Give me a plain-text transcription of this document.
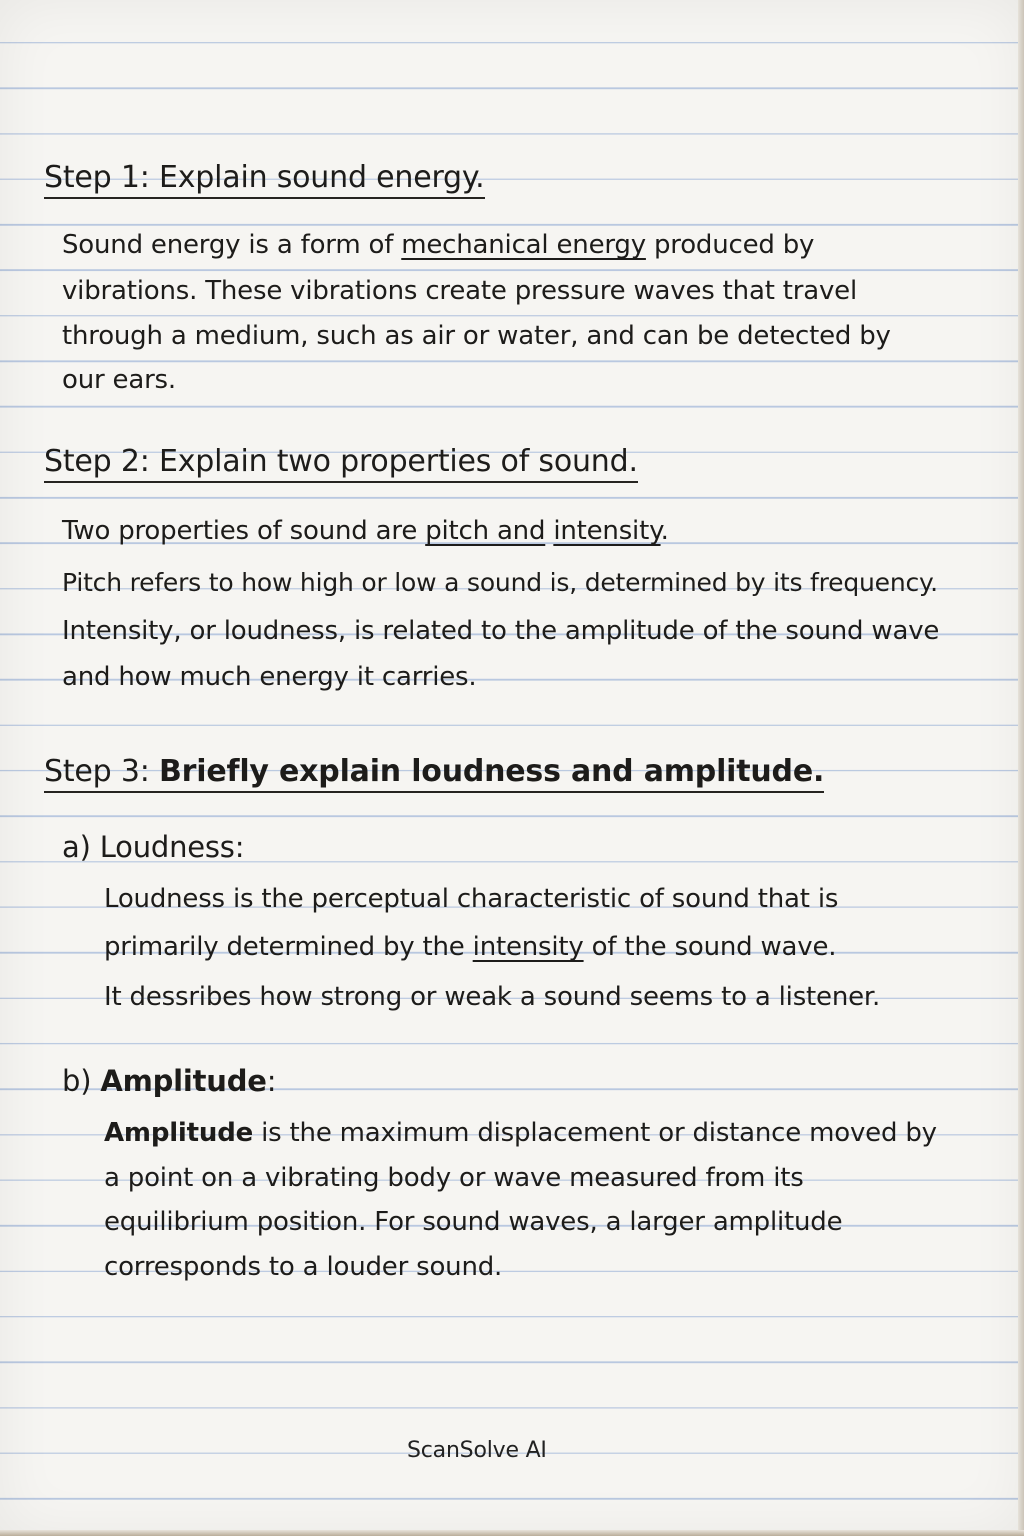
Step 1: Explain sound energy.
Sound energy is a form of mechanical energy produced by
vibrations. These vibrations create pressure waves that travel
through a medium, such as air or water, and can be detected by
our ears.
Step 2: Explain two properties of sound.
Two properties of sound are pitch and intensity.
Pitch refers to how high or low a sound is, determined by its frequency.
Intensity, or loudness, is related to the amplitude of the sound wave
and how much energy it carries.
Step 3: Briefly explain loudness and amplitude.
a) Loudness:
Loudness is the perceptual characteristic of sound that is
primarily determined by the intensity of the sound wave.
It dessribes how strong or weak a sound seems to a listener.
b) Amplitude:
Amplitude is the maximum displacement or distance moved by
a point on a vibrating body or wave measured from its
equilibrium position. For sound waves, a larger amplitude
corresponds to a louder sound.
ScanSolve AI
